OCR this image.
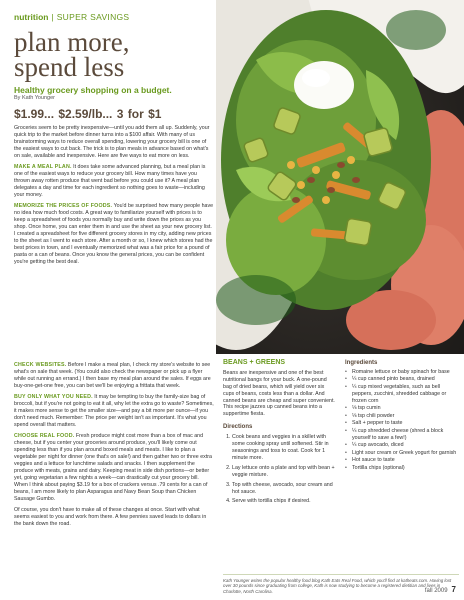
nutrition | SUPER SAVINGS
plan more,
spend less
Healthy grocery shopping on a budget.
By Kath Younger
$1.99... $2.59/lb... 3 for $1

Groceries seem to be pretty inexpensive—until you add them all up. Suddenly, your quick trip to the market before dinner turns into a $100 affair. With many of us brainstorming ways to reduce overall spending, lowering your grocery bill is one of the easiest ways to cut back. The trick is to plan meals in advance based on what's on sale, available and inexpensive. Here are five ways to eat more on less.

MAKE A MEAL PLAN. It does take some advanced planning, but a meal plan is one of the easiest ways to reduce your grocery bill. How many times have you thrown away rotten produce that went bad before you could use it? A meal plan delegates a day and time for each ingredient so nothing goes to waste—including your money.

MEMORIZE THE PRICES OF FOODS. You'd be surprised how many people have no idea how much food costs. A great way to familiarize yourself with prices is to keep a spreadsheet of foods you normally buy and write down the prices as you shop. Once home, you can enter them in and use the sheet as your new grocery list. I created a spreadsheet for five different grocery stores in my city, adding new prices to the sheet as I went to each store. After a month or so, I knew which stores had the best prices in town, and I eventually memorized what was a fair price for a pound of pasta or a can of beans. Once you know the general prices, you can be confident you're getting the best deal.

CHECK WEBSITES. Before I make a meal plan, I check my store's website to see what's on sale that week. (You could also check the newspaper or pick up a flyer while out running an errand.) I then base my meal plan around the sales. If eggs are buy-one-get-one free, you can bet we'll be enjoying a frittata that week.

BUY ONLY WHAT YOU NEED. It may be tempting to buy the family-size bag of broccoli, but if you're not going to eat it all, why let the extra go to waste? Sometimes, it makes more sense to get the smaller size—and pay a bit more per ounce—if you don't need much. Remember: The price per weight isn't as important. It's what you spend overall that matters.

CHOOSE REAL FOOD. Fresh produce might cost more than a box of mac and cheese, but if you center your groceries around produce, you'll likely come out spending less than if you plan around boxed meals and meats. I like to plan a vegetable per night for dinner (one that's on sale!) and then gather two or three extra veggies and a lettuce for lunchtime salads and snacks. I then supplement the produce with meats, grains and dairy. Keeping meat in side dish portions—or better yet, going vegetarian a few nights a week—can drastically cut your grocery bill. When I think about paying $3.19 for a box of crackers versus .79 cents for a can of beans, I am more likely to plan Asparagus and Navy Bean Soup than Chicken Sausage Gumbo.

Of course, you don't have to make all of these changes at once. Start with what seems easiest to you and work from there. A few pennies saved leads to dollars in the bank down the road.

BEANS + GREENS

Beans are inexpensive and one of the best nutritional bangs for your buck. A one-pound bag of dried beans, which will yield over six cups of beans, costs less than a dollar. And canned beans are cheap and super convenient. This recipe jazzes up canned beans into a suppertime fiesta.

Directions
1. Cook beans and veggies in a skillet with some cooking spray until softened. Stir in seasonings and toss to coat. Cook for 1 minute more.
2. Lay lettuce onto a plate and top with bean + veggie mixture.
3. Top with cheese, avocado, sour cream and hot sauce.
4. Serve with tortilla chips if desired.
Ingredients
• Romaine lettuce or baby spinach for base
• ¼ cup canned pinto beans, drained
• ¼ cup mixed vegetables, such as bell peppers, zucchini, shredded cabbage or frozen corn
• ⅛ tsp cumin
• ⅛ tsp chili powder
• Salt + pepper to taste
• ¼ cup shredded cheese (shred a block yourself to save a few!)
• ¼ cup avocado, diced
• Light sour cream or Greek yogurt for garnish
• Hot sauce to taste
• Tortilla chips (optional)
Kath Younger writes the popular healthy food blog Kath Eats Real Food, which you'll find at katheats.com. Having lost over 30 pounds since graduating from college, Kath is now studying to become a registered dietitian and lives in Charlotte, North Carolina.	fall 2009 7
